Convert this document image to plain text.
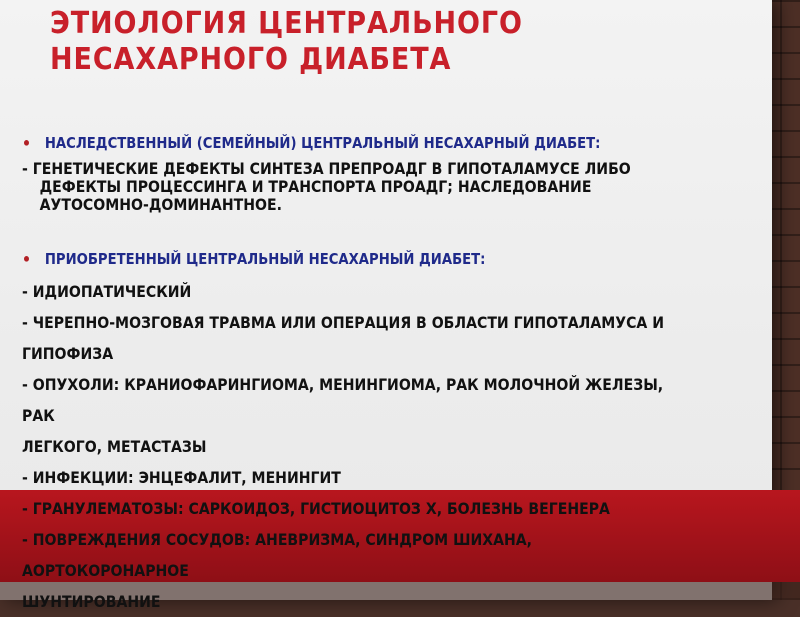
ЭТИОЛОГИЯ ЦЕНТРАЛЬНОГО НЕСАХАРНОГО ДИАБЕТА
• НАСЛЕДСТВЕННЫЙ (СЕМЕЙНЫЙ) ЦЕНТРАЛЬНЫЙ НЕСАХАРНЫЙ ДИАБЕТ:
- ГЕНЕТИЧЕСКИЕ ДЕФЕКТЫ СИНТЕЗА ПРЕПРОАДГ В ГИПОТАЛАМУСЕ ЛИБО ДЕФЕКТЫ ПРОЦЕССИНГА И ТРАНСПОРТА ПРОАДГ; НАСЛЕДОВАНИЕ АУТОСОМНО-ДОМИНАНТНОЕ.
• ПРИОБРЕТЕННЫЙ ЦЕНТРАЛЬНЫЙ НЕСАХАРНЫЙ ДИАБЕТ:
- ИДИОПАТИЧЕСКИЙ
- ЧЕРЕПНО-МОЗГОВАЯ ТРАВМА ИЛИ ОПЕРАЦИЯ В ОБЛАСТИ ГИПОТАЛАМУСА И
ГИПОФИЗА
- ОПУХОЛИ: КРАНИОФАРИНГИОМА, МЕНИНГИОМА, РАК МОЛОЧНОЙ ЖЕЛЕЗЫ, РАК
ЛЕГКОГО, МЕТАСТАЗЫ
- ИНФЕКЦИИ: ЭНЦЕФАЛИТ, МЕНИНГИТ
- ГРАНУЛЕМАТОЗЫ: САРКОИДОЗ, ГИСТИОЦИТОЗ Х, БОЛЕЗНЬ ВЕГЕНЕРА
- ПОВРЕЖДЕНИЯ СОСУДОВ: АНЕВРИЗМА, СИНДРОМ ШИХАНА, АОРТОКОРОНАРНОЕ
ШУНТИРОВАНИЕ
